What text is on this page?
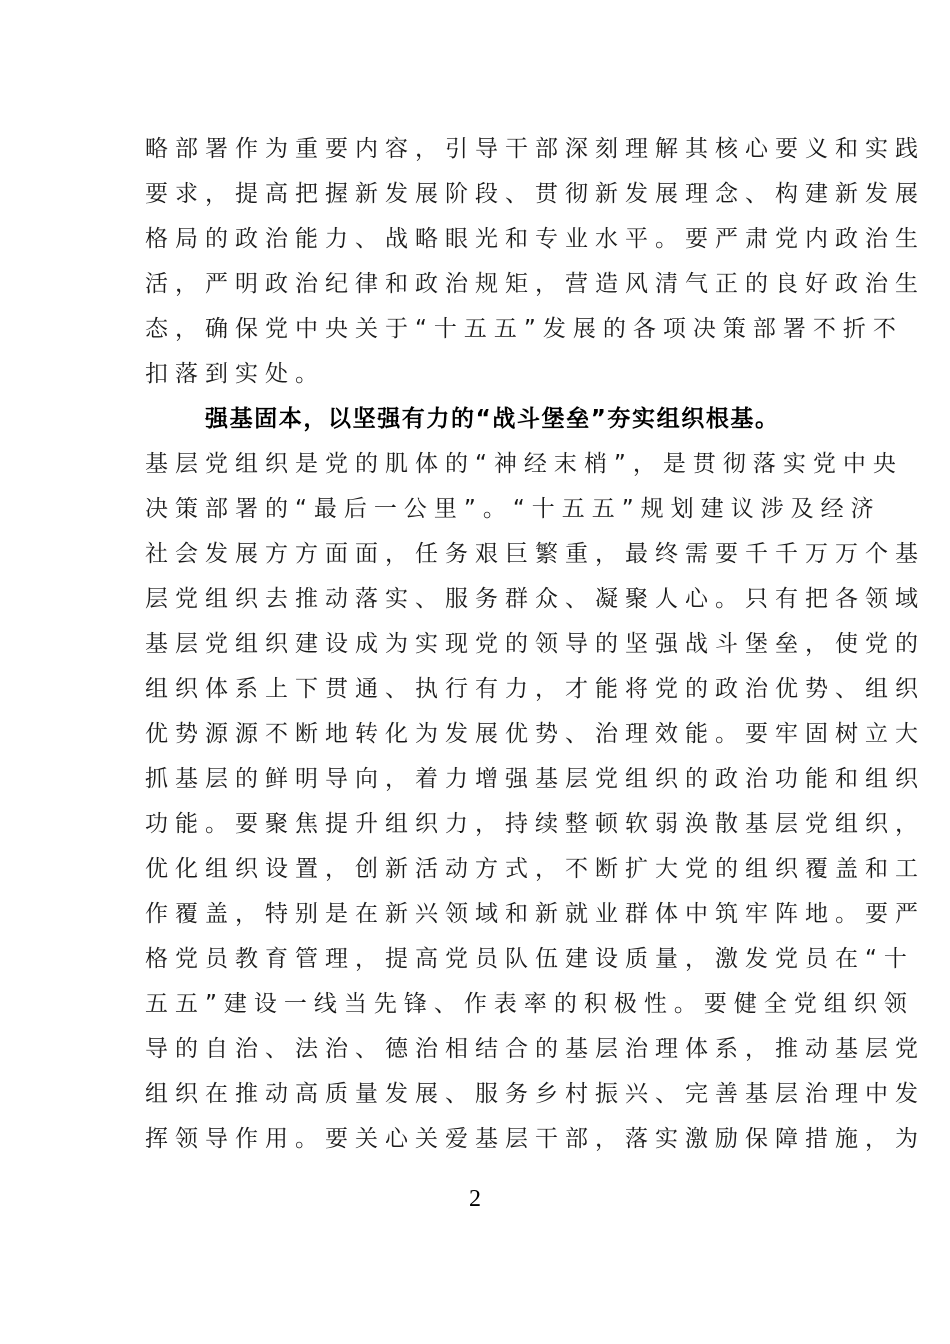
略部署作为重要内容，引导干部深刻理解其核心要义和实践
要求，提高把握新发展阶段、贯彻新发展理念、构建新发展
格局的政治能力、战略眼光和专业水平。要严肃党内政治生
活，严明政治纪律和政治规矩，营造风清气正的良好政治生
态，确保党中央关于“十五五”发展的各项决策部署不折不
扣落到实处。
强基固本，以坚强有力的“战斗堡垒”夯实组织根基。
基层党组织是党的肌体的“神经末梢”，是贯彻落实党中央
决策部署的“最后一公里”。“十五五”规划建议涉及经济
社会发展方方面面，任务艰巨繁重，最终需要千千万万个基
层党组织去推动落实、服务群众、凝聚人心。只有把各领域
基层党组织建设成为实现党的领导的坚强战斗堡垒，使党的
组织体系上下贯通、执行有力，才能将党的政治优势、组织
优势源源不断地转化为发展优势、治理效能。要牢固树立大
抓基层的鲜明导向，着力增强基层党组织的政治功能和组织
功能。要聚焦提升组织力，持续整顿软弱涣散基层党组织，
优化组织设置，创新活动方式，不断扩大党的组织覆盖和工
作覆盖，特别是在新兴领域和新就业群体中筑牢阵地。要严
格党员教育管理，提高党员队伍建设质量，激发党员在“十
五五”建设一线当先锋、作表率的积极性。要健全党组织领
导的自治、法治、德治相结合的基层治理体系，推动基层党
组织在推动高质量发展、服务乡村振兴、完善基层治理中发
挥领导作用。要关心关爱基层干部，落实激励保障措施，为
2
